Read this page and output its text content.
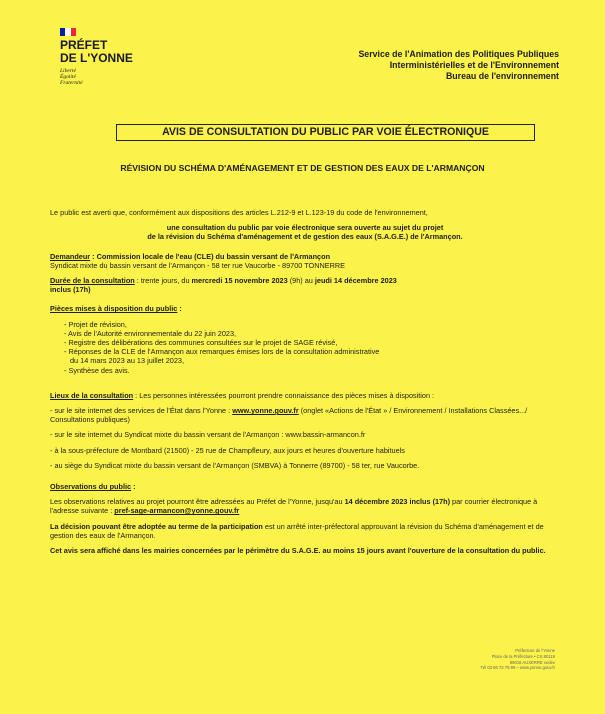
PRÉFET
DE L'YONNE
Liberté
Égalité
Fraternité
Service de l'Animation des Politiques Publiques
Interministérielles et de l'Environnement
Bureau de l'environnement
AVIS DE CONSULTATION DU PUBLIC PAR VOIE ÉLECTRONIQUE
RÉVISION DU SCHÉMA D'AMÉNAGEMENT ET DE GESTION DES EAUX DE L'ARMANÇON

Le public est averti que, conformément aux dispositions des articles L.212-9 et L.123-19 du code de l'environnement,

une consultation du public par voie électronique sera ouverte au sujet du projet

de la révision du Schéma d'aménagement et de gestion des eaux (S.A.G.E.) de l'Armançon.

Demandeur : Commission locale de l'eau (CLE) du bassin versant de l'Armançon

Syndicat mixte du bassin versant de l'Armançon - 58 ter rue Vaucorbe - 89700 TONNERRE

Durée de la consultation : trente jours, du mercredi 15 novembre 2023 (9h) au jeudi 14 décembre 2023

inclus (17h)

Pièces mises à disposition du public :

- Projet de révision,
- Avis de l'Autorité environnementale du 22 juin 2023,
- Registre des délibérations des communes consultées sur le projet de SAGE révisé,
- Réponses de la CLE de l'Armançon aux remarques émises lors de la consultation administrative
du 14 mars 2023 au 13 juillet 2023,
- Synthèse des avis.

Lieux de la consultation : Les personnes intéressées pourront prendre connaissance des pièces mises à disposition :

- sur le site internet des services de l'État dans l'Yonne : www.yonne.gouv.fr (onglet «Actions de l'État » / Environnement / Installations Classées.../ Consultations publiques)

- sur le site internet du Syndicat mixte du bassin versant de l'Armançon : www.bassin-armancon.fr

- à la sous-préfecture de Montbard (21500) - 25 rue de Champfleury, aux jours et heures d'ouverture habituels

- au siège du Syndicat mixte du bassin versant de l'Armançon (SMBVA) à Tonnerre (89700) - 58 ter, rue Vaucorbe.

Observations du public :

Les observations relatives au projet pourront être adressées au Préfet de l'Yonne, jusqu'au 14 décembre 2023 inclus (17h) par courrier électronique à l'adresse suivante : pref-sage-armancon@yonne.gouv.fr

La décision pouvant être adoptée au terme de la participation est un arrêté inter-préfectoral approuvant la révision du Schéma d'aménagement et de gestion des eaux de l'Armançon.

Cet avis sera affiché dans les mairies concernées par le périmètre du S.A.G.E. au moins 15 jours avant l'ouverture de la consultation du public.

Préfecture de l'Yonne
Place de la Préfecture • CS 80119
89016 AUXERRE cedex
Tél 03 86 72 79 89 – www.yonne.gouv.fr
